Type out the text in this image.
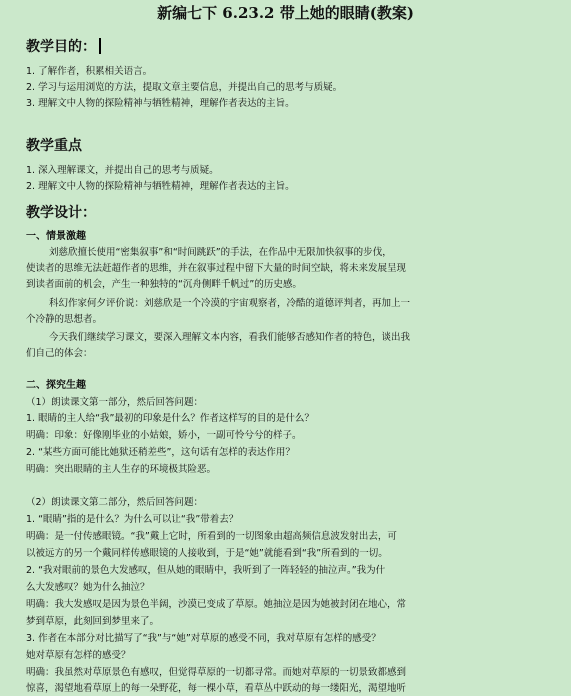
新编七下 6.23.2 带上她的眼睛(教案)
教学目的：
1. 了解作者，积累相关语言。
2. 学习与运用浏览的方法，提取文章主要信息，并提出自己的思考与质疑。
3. 理解文中人物的探险精神与牺牲精神，理解作者表达的主旨。
教学重点
1. 深入理解课文，并提出自己的思考与质疑。
2. 理解文中人物的探险精神与牺牲精神，理解作者表达的主旨。
教学设计：
一、情景激趣
刘慈欣擅长使用“密集叙事”和“时间跳跃”的手法，在作品中无限加快叙事的步伐，
使读者的思维无法赶超作者的思维，并在叙事过程中留下大量的时间空缺，将未来发展呈现
到读者面前的机会，产生一种独特的“沉舟侧畔千帆过”的历史感。
科幻作家何夕评价说：刘慈欣是一个冷漠的宇宙观察者，冷酷的道德评判者，再加上一
个冷静的思想者。
今天我们继续学习课文，要深入理解文本内容，看我们能够否感知作者的特色，谈出我
们自己的体会：
二、探究生趣
（1）朗读课文第一部分，然后回答问题：
1. 眼睛的主人给“我”最初的印象是什么？作者这样写的目的是什么？
明确：印象：好像刚毕业的小姑娘，娇小，一副可怜兮兮的样子。
2. “某些方面可能比她狱还稍差些”，这句话有怎样的表达作用？
明确：突出眼睛的主人生存的环境极其险恶。
（2）朗读课文第二部分，然后回答问题：
1. “眼睛”指的是什么？为什么可以让“我”带着去？
明确：是一付传感眼镜。“我”戴上它时，所看到的一切图象由超高频信息波发射出去，可
以被远方的另一个戴同样传感眼镜的人接收到，于是“她”就能看到“我”所看到的一切。
2. “我对眼前的景色大发感叹，但从她的眼睛中，我听到了一阵轻轻的抽泣声。”我为什
么大发感叹？她为什么抽泣？
明确：我大发感叹是因为景色半阔，沙漠已变成了草原。她抽泣是因为她被封闭在地心，常
梦到草原，此刻回到梦里来了。
3. 作者在本部分对比描写了“我”与“她”对草原的感受不同，我对草原有怎样的感受？
她对草原有怎样的感受？
明确：我虽然对草原景色有感叹，但觉得草原的一切都寻常。而她对草原的一切景致都感到
惊喜，渴望地看草原上的每一朵野花，每一棵小草，看草丛中跃动的每一缕阳光，渴望地听
